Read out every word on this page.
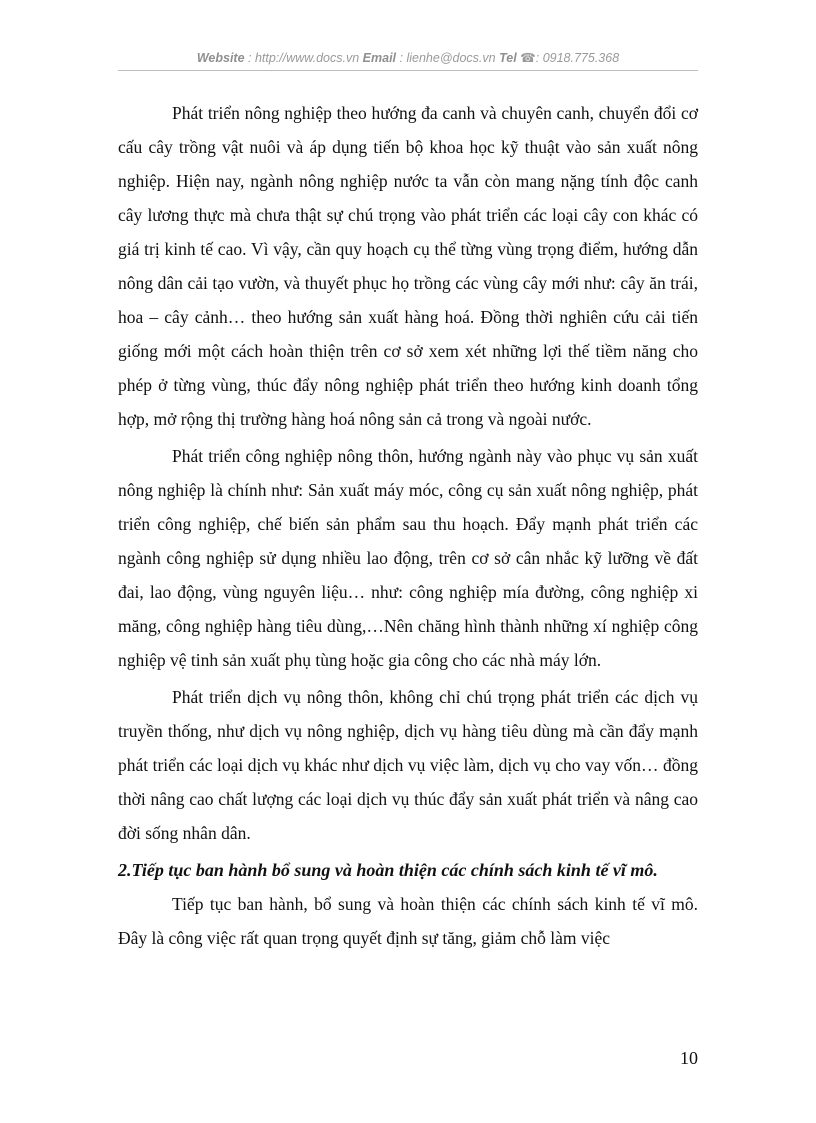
Website : http://www.docs.vn Email : lienhe@docs.vn Tel ☎: 0918.775.368

Phát triển nông nghiệp theo hướng đa canh và chuyên canh, chuyển đổi cơ cấu cây trồng vật nuôi và áp dụng tiến bộ khoa học kỹ thuật vào sản xuất nông nghiệp. Hiện nay, ngành nông nghiệp nước ta vẫn còn mang nặng tính độc canh cây lương thực mà chưa thật sự chú trọng vào phát triển các loại cây con khác có giá trị kinh tế cao. Vì vậy, cần quy hoạch cụ thể từng vùng trọng điểm, hướng dẫn nông dân cải tạo vườn, và thuyết phục họ trồng các vùng cây mới như: cây ăn trái, hoa – cây cảnh… theo hướng sản xuất hàng hoá. Đồng thời nghiên cứu cải tiến giống mới một cách hoàn thiện trên cơ sở xem xét những lợi thế tiềm năng cho phép ở từng vùng, thúc đẩy nông nghiệp phát triển theo hướng kinh doanh tổng hợp, mở rộng thị trường hàng hoá nông sản cả trong và ngoài nước.

Phát triển công nghiệp nông thôn, hướng ngành này vào phục vụ sản xuất nông nghiệp là chính như: Sản xuất máy móc, công cụ sản xuất nông nghiệp, phát triển công nghiệp, chế biến sản phẩm sau thu hoạch. Đẩy mạnh phát triển các ngành công nghiệp sử dụng nhiều lao động, trên cơ sở cân nhắc kỹ lưỡng về đất đai, lao động, vùng nguyên liệu… như: công nghiệp mía đường, công nghiệp xi măng, công nghiệp hàng tiêu dùng,…Nên chăng hình thành những xí nghiệp công nghiệp vệ tinh sản xuất phụ tùng hoặc gia công cho các nhà máy lớn.

Phát triển dịch vụ nông thôn, không chỉ chú trọng phát triển các dịch vụ truyền thống, như dịch vụ nông nghiệp, dịch vụ hàng tiêu dùng mà cần đẩy mạnh phát triển các loại dịch vụ khác như dịch vụ việc làm, dịch vụ cho vay vốn… đồng thời nâng cao chất lượng các loại dịch vụ thúc đẩy sản xuất phát triển và nâng cao đời sống nhân dân.

2.Tiếp tục ban hành bổ sung và hoàn thiện các chính sách kinh tế vĩ mô.

Tiếp tục ban hành, bổ sung và hoàn thiện các chính sách kinh tế vĩ mô. Đây là công việc rất quan trọng quyết định sự tăng, giảm chỗ làm việc

10
